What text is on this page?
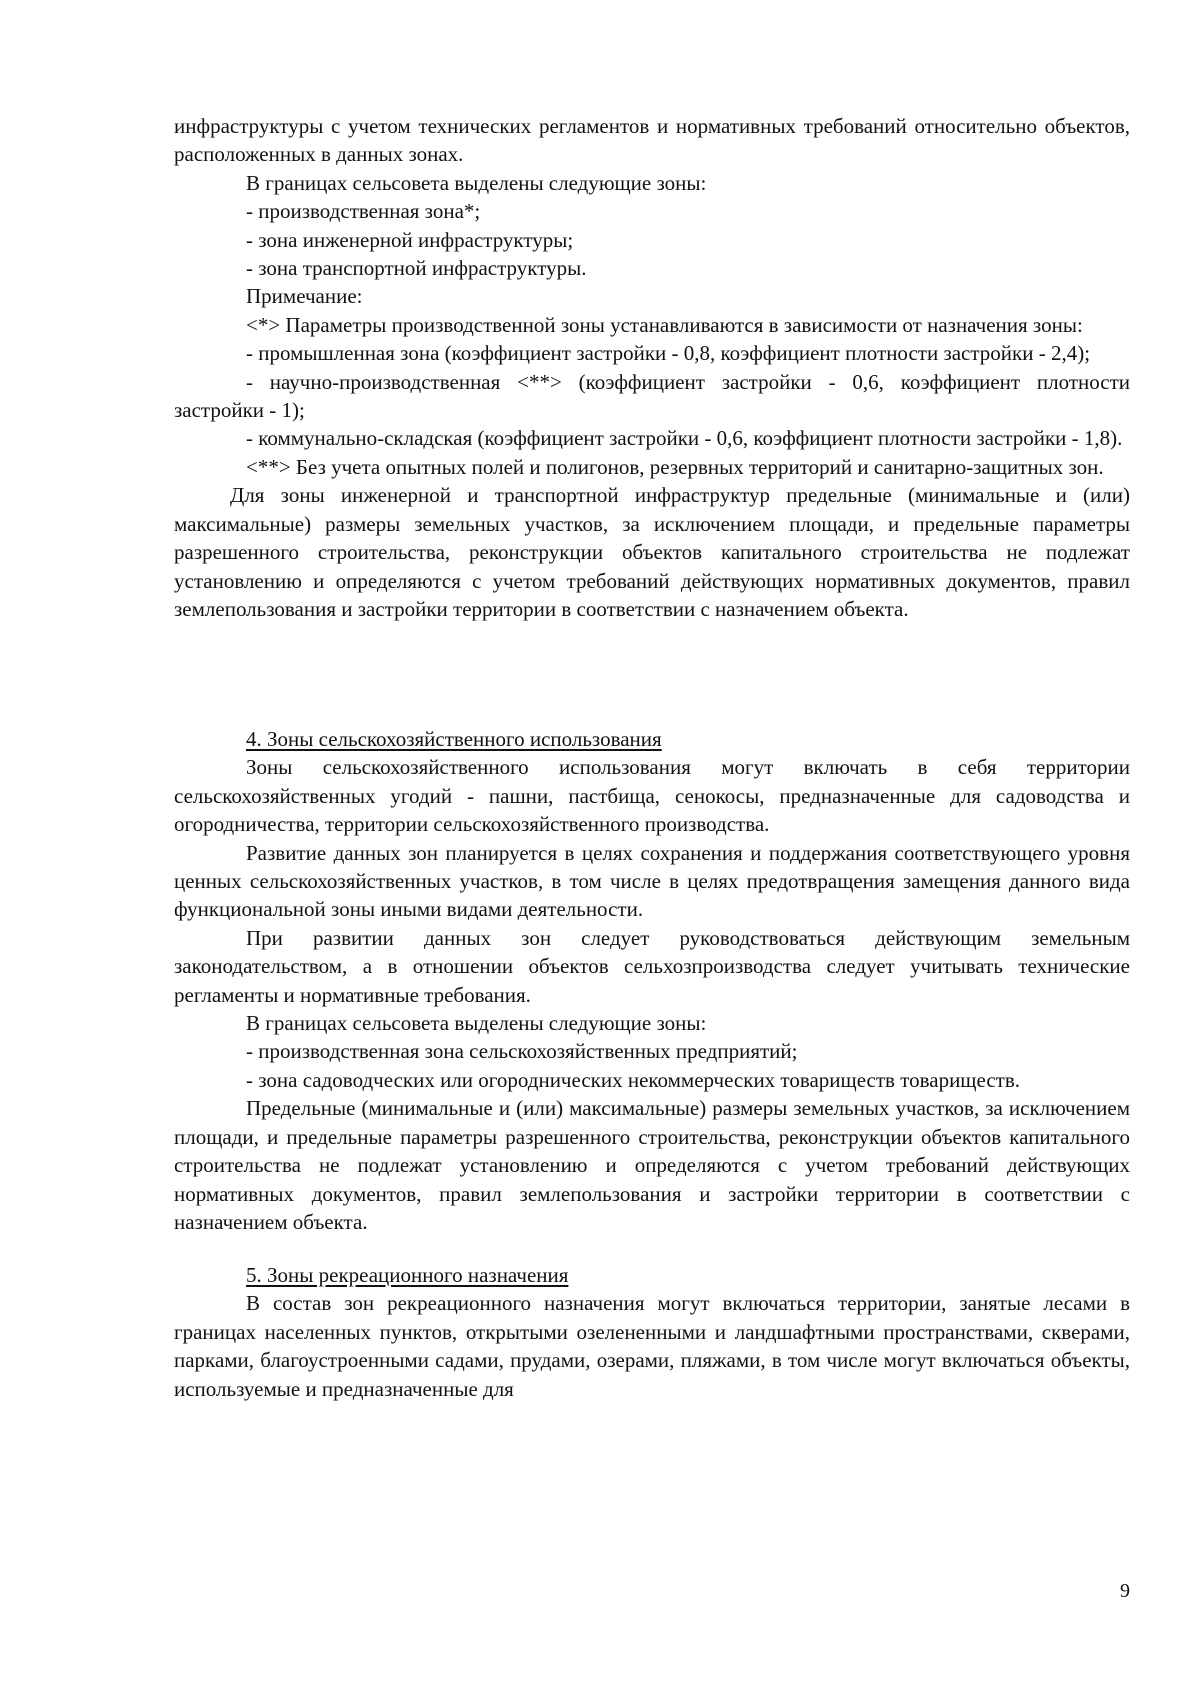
инфраструктуры с учетом технических регламентов и нормативных требований относительно объектов, расположенных в данных зонах.

В границах сельсовета выделены следующие зоны:

- производственная зона*;

- зона инженерной инфраструктуры;

- зона транспортной инфраструктуры.

Примечание:

<*> Параметры производственной зоны устанавливаются в зависимости от назначения зоны:

- промышленная зона (коэффициент застройки - 0,8, коэффициент плотности застройки - 2,4);

- научно-производственная <**> (коэффициент застройки - 0,6, коэффициент плотности застройки - 1);

- коммунально-складская (коэффициент застройки - 0,6, коэффициент плотности застройки - 1,8).

<**> Без учета опытных полей и полигонов, резервных территорий и санитарно-защитных зон.

Для зоны инженерной и транспортной инфраструктур предельные (минимальные и (или) максимальные) размеры земельных участков, за исключением площади, и предельные параметры разрешенного строительства, реконструкции объектов капитального строительства не подлежат установлению и определяются с учетом требований действующих нормативных документов, правил землепользования и застройки территории в соответствии с назначением объекта.

4. Зоны сельскохозяйственного использования

Зоны сельскохозяйственного использования могут включать в себя территории сельскохозяйственных угодий - пашни, пастбища, сенокосы, предназначенные для садоводства и огородничества, территории сельскохозяйственного производства.

Развитие данных зон планируется в целях сохранения и поддержания соответствующего уровня ценных сельскохозяйственных участков, в том числе в целях предотвращения замещения данного вида функциональной зоны иными видами деятельности.

При развитии данных зон следует руководствоваться действующим земельным законодательством, а в отношении объектов сельхозпроизводства следует учитывать технические регламенты и нормативные требования.

В границах сельсовета выделены следующие зоны:

- производственная зона сельскохозяйственных предприятий;

- зона садоводческих или огороднических некоммерческих товариществ товариществ.

Предельные (минимальные и (или) максимальные) размеры земельных участков, за исключением площади, и предельные параметры разрешенного строительства, реконструкции объектов капитального строительства не подлежат установлению и определяются с учетом требований действующих нормативных документов, правил землепользования и застройки территории в соответствии с назначением объекта.

5. Зоны рекреационного назначения

В состав зон рекреационного назначения могут включаться территории, занятые лесами в границах населенных пунктов, открытыми озелененными и ландшафтными пространствами, скверами, парками, благоустроенными садами, прудами, озерами, пляжами, в том числе могут включаться объекты, используемые и предназначенные для

9
